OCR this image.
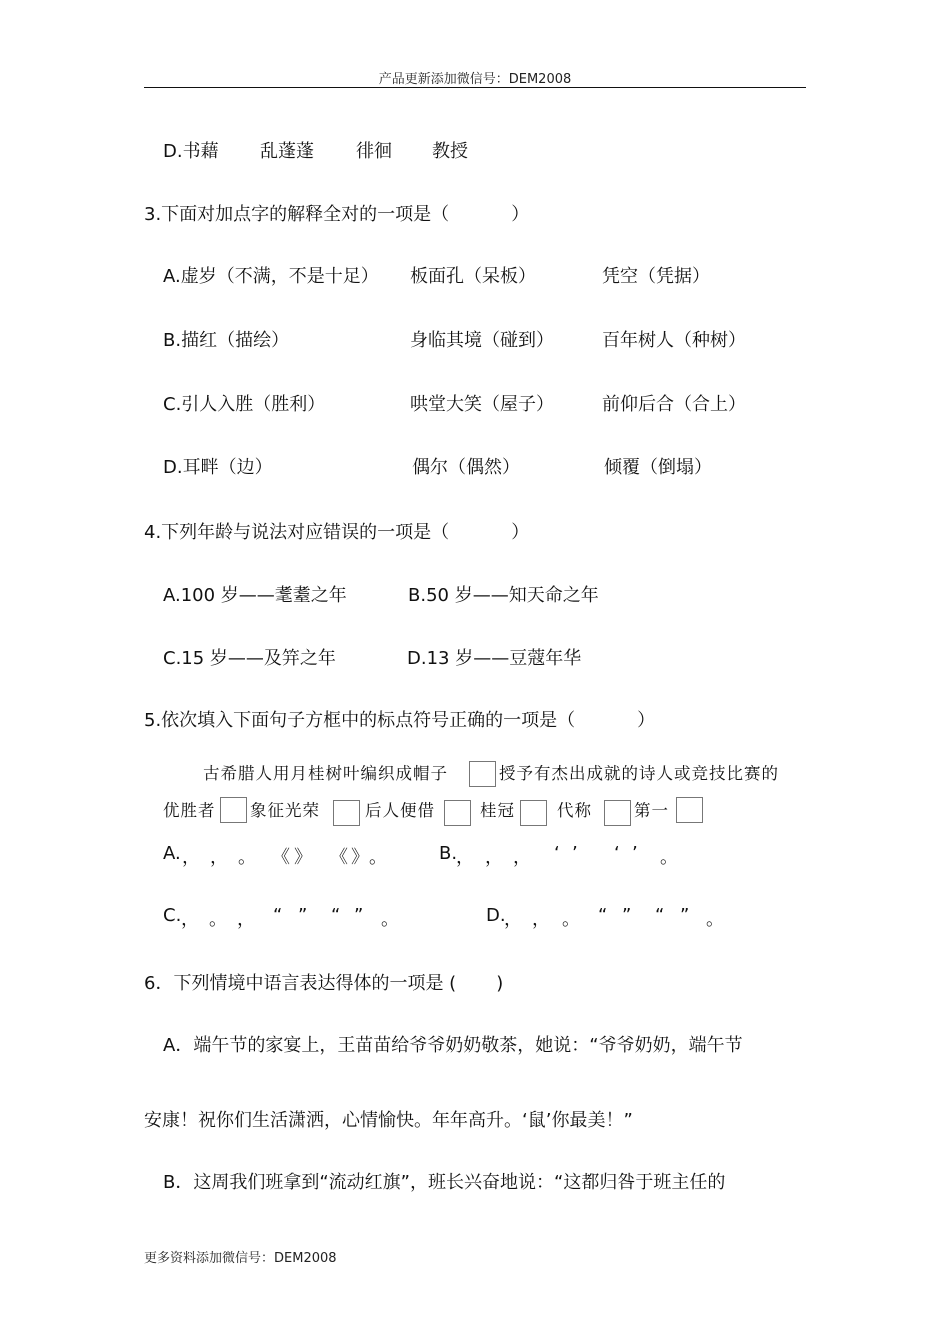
产品更新添加微信号：DEM2008
D.书藉 乱蓬蓬 徘徊 教授
3.下面对加点字的解释全对的一项是（	）
A.虚岁（不满，不是十足） 板面孔（呆板）	凭空（凭据）
B.描红（描绘）	身临其境（碰到）	百年树人（种树）
C.引人入胜（胜利）	哄堂大笑（屋子）	前仰后合（合上）
D.耳畔（边）	偶尔（偶然）	倾覆（倒塌）
4.下列年龄与说法对应错误的一项是（	）
A.100 岁——耄耋之年	B.50 岁——知天命之年
C.15 岁——及笄之年	D.13 岁——豆蔻年华
5.依次填入下面句子方框中的标点符号正确的一项是（	）
古希腊人用月桂树叶编织成帽子	授予有杰出成就的诗人或竞技比赛的
优胜者 象征光荣	后人便借	桂冠	代称	第一
A. ， ， 。 《 》 《 》 。	B.
， ， ， ‘ ’ ‘ ’ 。
C. ， 。 ， “ ” “ ” 。	D.
， ， 。 “ ” “ ” 。
6．下列情境中语言表达得体的一项是 ( )
A．端午节的家宴上，王苗苗给爷爷奶奶敬茶，她说：“爷爷奶奶，端午节
安康！祝你们生活潇洒，心情愉快。年年高升。‘鼠’你最美！”
B．这周我们班拿到“流动红旗”，班长兴奋地说：“这都归咎于班主任的
更多资料添加微信号：DEM2008
